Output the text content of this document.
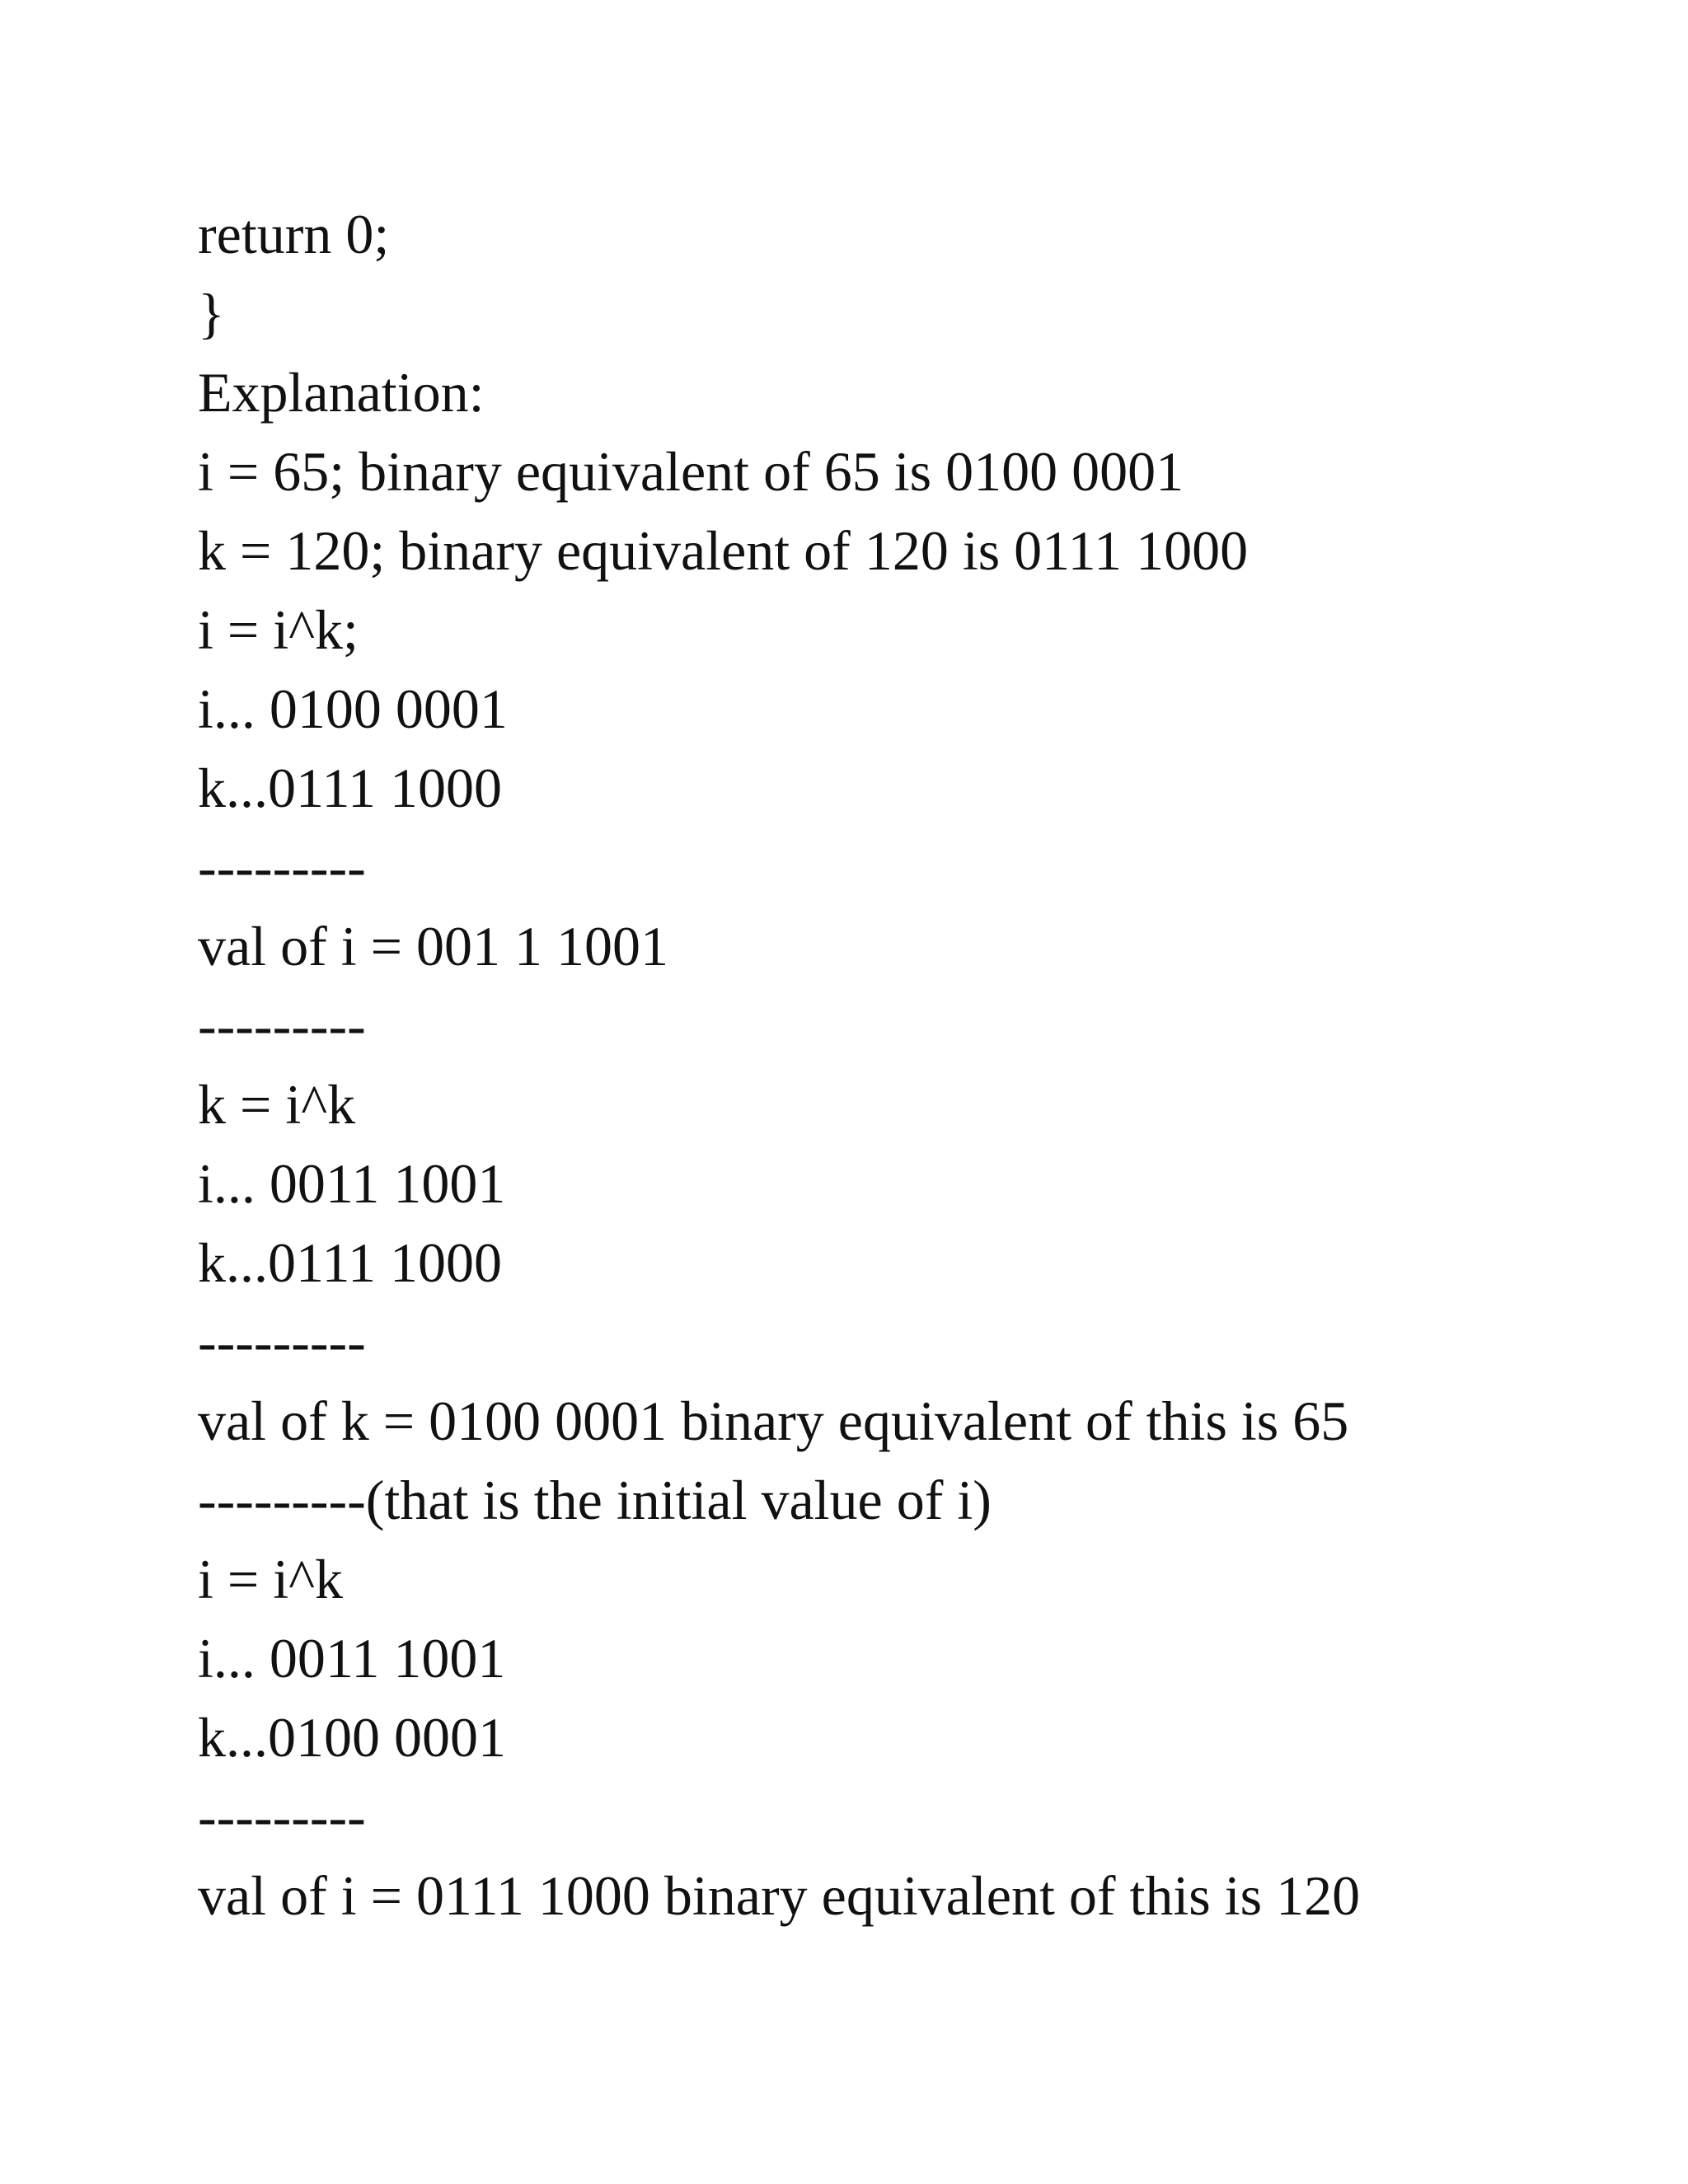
return 0;

}

Explanation:

i = 65; binary equivalent of 65 is 0100 0001

k = 120; binary equivalent of 120 is 0111 1000

i = i^k;

i... 0100 0001

k...0111 1000

---------

val of i = 001 1 1001

---------

k = i^k

i... 0011 1001

k...0111 1000

---------

val of k = 0100 0001 binary equivalent of this is 65

---------(that is the initial value of i)

i = i^k

i... 0011 1001

k...0100 0001

---------

val of i = 0111 1000 binary equivalent of this is 120
